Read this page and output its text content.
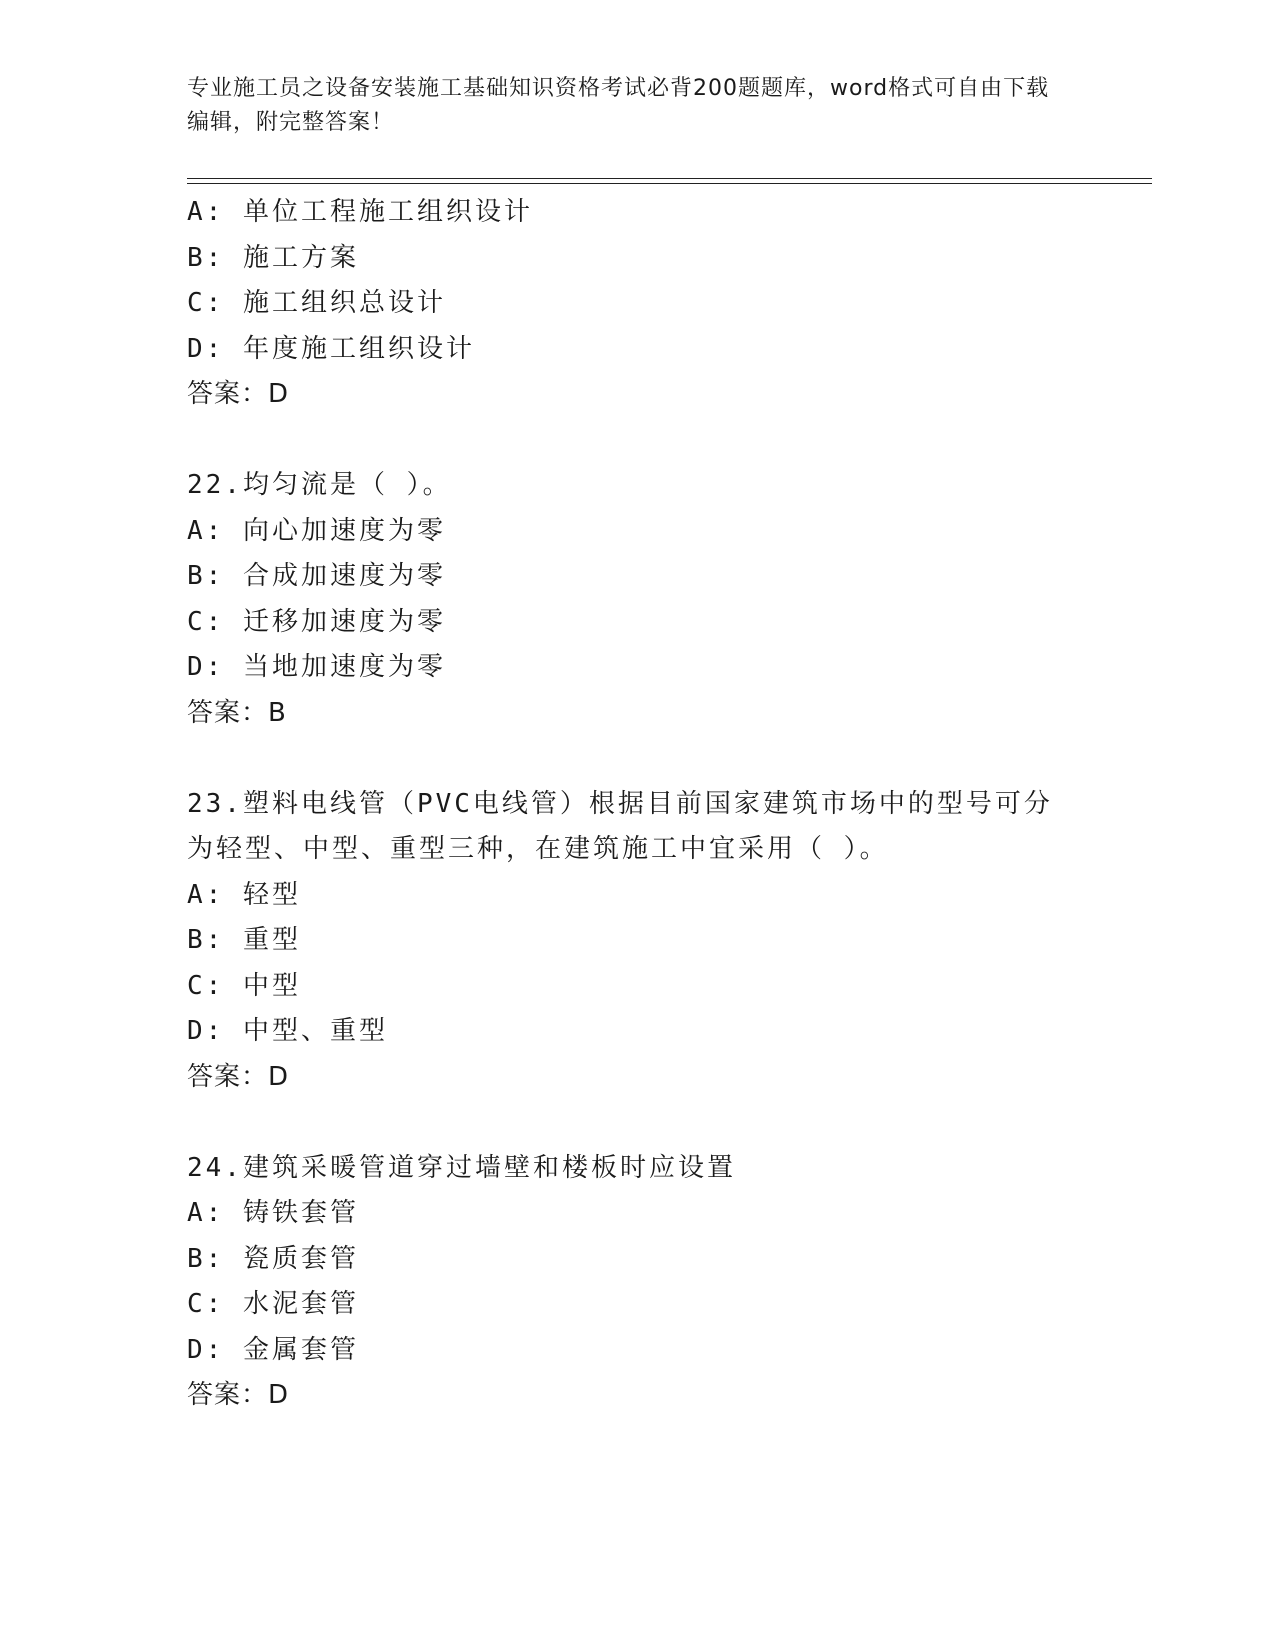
专业施工员之设备安装施工基础知识资格考试必背200题题库，word格式可自由下载编辑，附完整答案！
A: 单位工程施工组织设计
B: 施工方案
C: 施工组织总设计
D: 年度施工组织设计
答案：D
22.均匀流是（ ）。
A: 向心加速度为零
B: 合成加速度为零
C: 迁移加速度为零
D: 当地加速度为零
答案：B
23.塑料电线管（PVC电线管）根据目前国家建筑市场中的型号可分为轻型、中型、重型三种，在建筑施工中宜采用（ ）。
A: 轻型
B: 重型
C: 中型
D: 中型、重型
答案：D
24.建筑采暖管道穿过墙壁和楼板时应设置
A: 铸铁套管
B: 瓷质套管
C: 水泥套管
D: 金属套管
答案：D
